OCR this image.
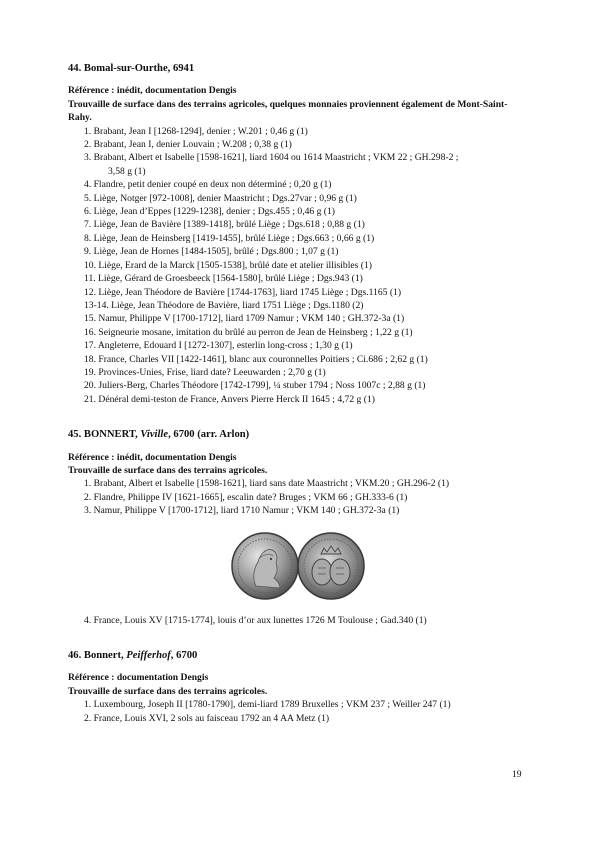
44. Bomal-sur-Ourthe, 6941

Référence : inédit, documentation Dengis

Trouvaille de surface dans des terrains agricoles, quelques monnaies proviennent également de Mont-Saint-Rahy.

1. Brabant, Jean I [1268-1294], denier ; W.201 ; 0,46 g (1)
2. Brabant, Jean I, denier Louvain ; W.208 ; 0,38 g (1)
3. Brabant, Albert et Isabelle [1598-1621], liard 1604 ou 1614 Maastricht ; VKM 22 ; GH.298-2 ;
3,58 g (1)
4. Flandre, petit denier coupé en deux non déterminé ; 0,20 g (1)
5. Liège, Notger [972-1008], denier Maastricht ; Dgs.27var ; 0,96 g (1)
6. Liège, Jean d’Eppes [1229-1238], denier ; Dgs.455 ; 0,46 g (1)
7. Liège, Jean de Bavière [1389-1418], brûlé Liège ; Dgs.618 ; 0,88 g (1)
8. Liège, Jean de Heinsberg [1419-1455], brûlé Liège ; Dgs.663 ; 0,66 g (1)
9. Liège, Jean de Hornes [1484-1505], brûlé ; Dgs.800 ; 1,07 g (1)
10. Liège, Erard de la Marck [1505-1538], brûlé date et atelier illisibles (1)
11. Liège, Gérard de Groesbeeck [1564-1580], brûlé Liège ; Dgs.943 (1)
12. Liège, Jean Théodore de Bavière [1744-1763], liard 1745 Liège ; Dgs.1165 (1)
13-14. Liège, Jean Théodore de Bavière, liard 1751 Liège ; Dgs.1180 (2)
15. Namur, Philippe V [1700-1712], liard 1709 Namur ; VKM 140 ; GH.372-3a (1)
16. Seigneurie mosane, imitation du brûlé au perron de Jean de Heinsberg ; 1,22 g (1)
17. Angleterre, Edouard I [1272-1307], esterlin long-cross ; 1,30 g (1)
18. France, Charles VII [1422-1461], blanc aux couronnelles Poitiers ; Ci.686 ; 2,62 g (1)
19. Provinces-Unies, Frise, liard date? Leeuwarden ; 2,70 g (1)
20. Juliers-Berg, Charles Théodore [1742-1799], ¼ stuber 1794 ; Noss 1007c ; 2,88 g (1)
21. Dénéral demi-teston de France, Anvers Pierre Herck II 1645 ; 4,72 g (1)
45. BONNERT, Viville, 6700 (arr. Arlon)

Référence : inédit, documentation Dengis

Trouvaille de surface dans des terrains agricoles.

1. Brabant, Albert et Isabelle [1598-1621], liard sans date Maastricht ; VKM.20 ; GH.296-2 (1)
2. Flandre, Philippe IV [1621-1665], escalin date? Bruges ; VKM 66 ; GH.333-6 (1)
3. Namur, Philippe V [1700-1712], liard 1710 Namur ; VKM 140 ; GH.372-3a (1)
4. France, Louis XV [1715-1774], louis d’or aux lunettes 1726 M Toulouse ; Gad.340 (1)
46. Bonnert, Peifferhof, 6700

Référence : documentation Dengis

Trouvaille de surface dans des terrains agricoles.

1. Luxembourg, Joseph II [1780-1790], demi-liard 1789 Bruxelles ; VKM 237 ; Weiller 247 (1)
2. France, Louis XVI, 2 sols au faisceau 1792 an 4 AA Metz (1)
19
